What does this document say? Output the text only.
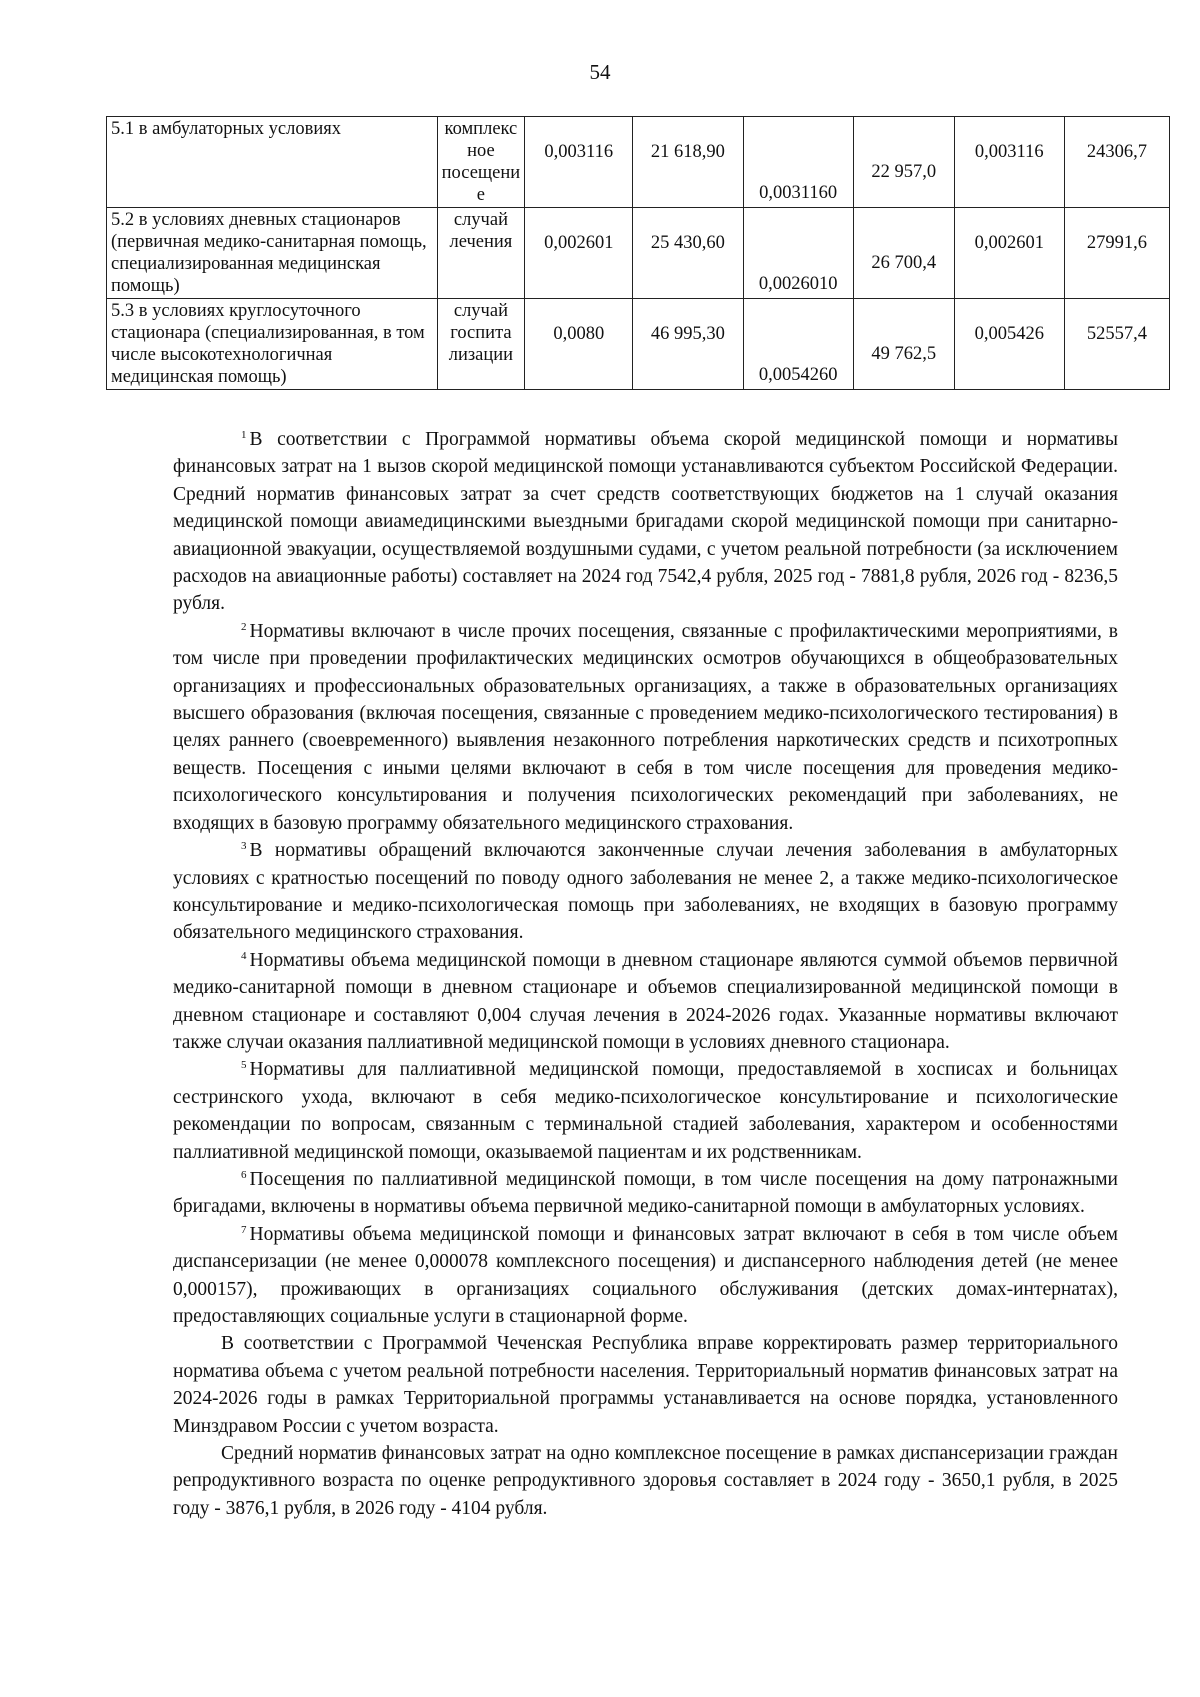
54
5.1 в амбулаторных условиях	комплекс ное посещени е	0,003116	21 618,90	0,0031160	22 957,0	0,003116	24306,7
5.2 в условиях дневных стационаров (первичная медико-санитарная помощь, специализированная медицинская помощь)	случай лечения	0,002601	25 430,60	0,0026010	26 700,4	0,002601	27991,6
5.3 в условиях круглосуточного стационара (специализированная, в том числе высокотехнологичная медицинская помощь)	случай госпита лизации	0,0080	46 995,30	0,0054260	49 762,5	0,005426	52557,4

$^1$ В соответствии с Программой нормативы объема скорой медицинской помощи и нормативы финансовых затрат на 1 вызов скорой медицинской помощи устанавливаются субъектом Российской Федерации. Средний норматив финансовых затрат за счет средств соответствующих бюджетов на 1 случай оказания медицинской помощи авиамедицинскими выездными бригадами скорой медицинской помощи при санитарно-авиационной эвакуации, осуществляемой воздушными судами, с учетом реальной потребности (за исключением расходов на авиационные работы) составляет на 2024 год 7542,4 рубля, 2025 год - 7881,8 рубля, 2026 год - 8236,5 рубля.

$^2$ Нормативы включают в числе прочих посещения, связанные с профилактическими мероприятиями, в том числе при проведении профилактических медицинских осмотров обучающихся в общеобразовательных организациях и профессиональных образовательных организациях, а также в образовательных организациях высшего образования (включая посещения, связанные с проведением медико-психологического тестирования) в целях раннего (своевременного) выявления незаконного потребления наркотических средств и психотропных веществ. Посещения с иными целями включают в себя в том числе посещения для проведения медико-психологического консультирования и получения психологических рекомендаций при заболеваниях, не входящих в базовую программу обязательного медицинского страхования.

$^3$ В нормативы обращений включаются законченные случаи лечения заболевания в амбулаторных условиях с кратностью посещений по поводу одного заболевания не менее 2, а также медико-психологическое консультирование и медико-психологическая помощь при заболеваниях, не входящих в базовую программу обязательного медицинского страхования.

$^4$ Нормативы объема медицинской помощи в дневном стационаре являются суммой объемов первичной медико-санитарной помощи в дневном стационаре и объемов специализированной медицинской помощи в дневном стационаре и составляют 0,004 случая лечения в 2024-2026 годах. Указанные нормативы включают также случаи оказания паллиативной медицинской помощи в условиях дневного стационара.

$^5$ Нормативы для паллиативной медицинской помощи, предоставляемой в хосписах и больницах сестринского ухода, включают в себя медико-психологическое консультирование и психологические рекомендации по вопросам, связанным с терминальной стадией заболевания, характером и особенностями паллиативной медицинской помощи, оказываемой пациентам и их родственникам.

$^6$ Посещения по паллиативной медицинской помощи, в том числе посещения на дому патронажными бригадами, включены в нормативы объема первичной медико-санитарной помощи в амбулаторных условиях.

$^7$ Нормативы объема медицинской помощи и финансовых затрат включают в себя в том числе объем диспансеризации (не менее 0,000078 комплексного посещения) и диспансерного наблюдения детей (не менее 0,000157), проживающих в организациях социального обслуживания (детских домах-интернатах), предоставляющих социальные услуги в стационарной форме.

В соответствии с Программой Чеченская Республика вправе корректировать размер территориального норматива объема с учетом реальной потребности населения. Территориальный норматив финансовых затрат на 2024-2026 годы в рамках Территориальной программы устанавливается на основе порядка, установленного Минздравом России с учетом возраста.

Средний норматив финансовых затрат на одно комплексное посещение в рамках диспансеризации граждан репродуктивного возраста по оценке репродуктивного здоровья составляет в 2024 году - 3650,1 рубля, в 2025 году - 3876,1 рубля, в 2026 году - 4104 рубля.
